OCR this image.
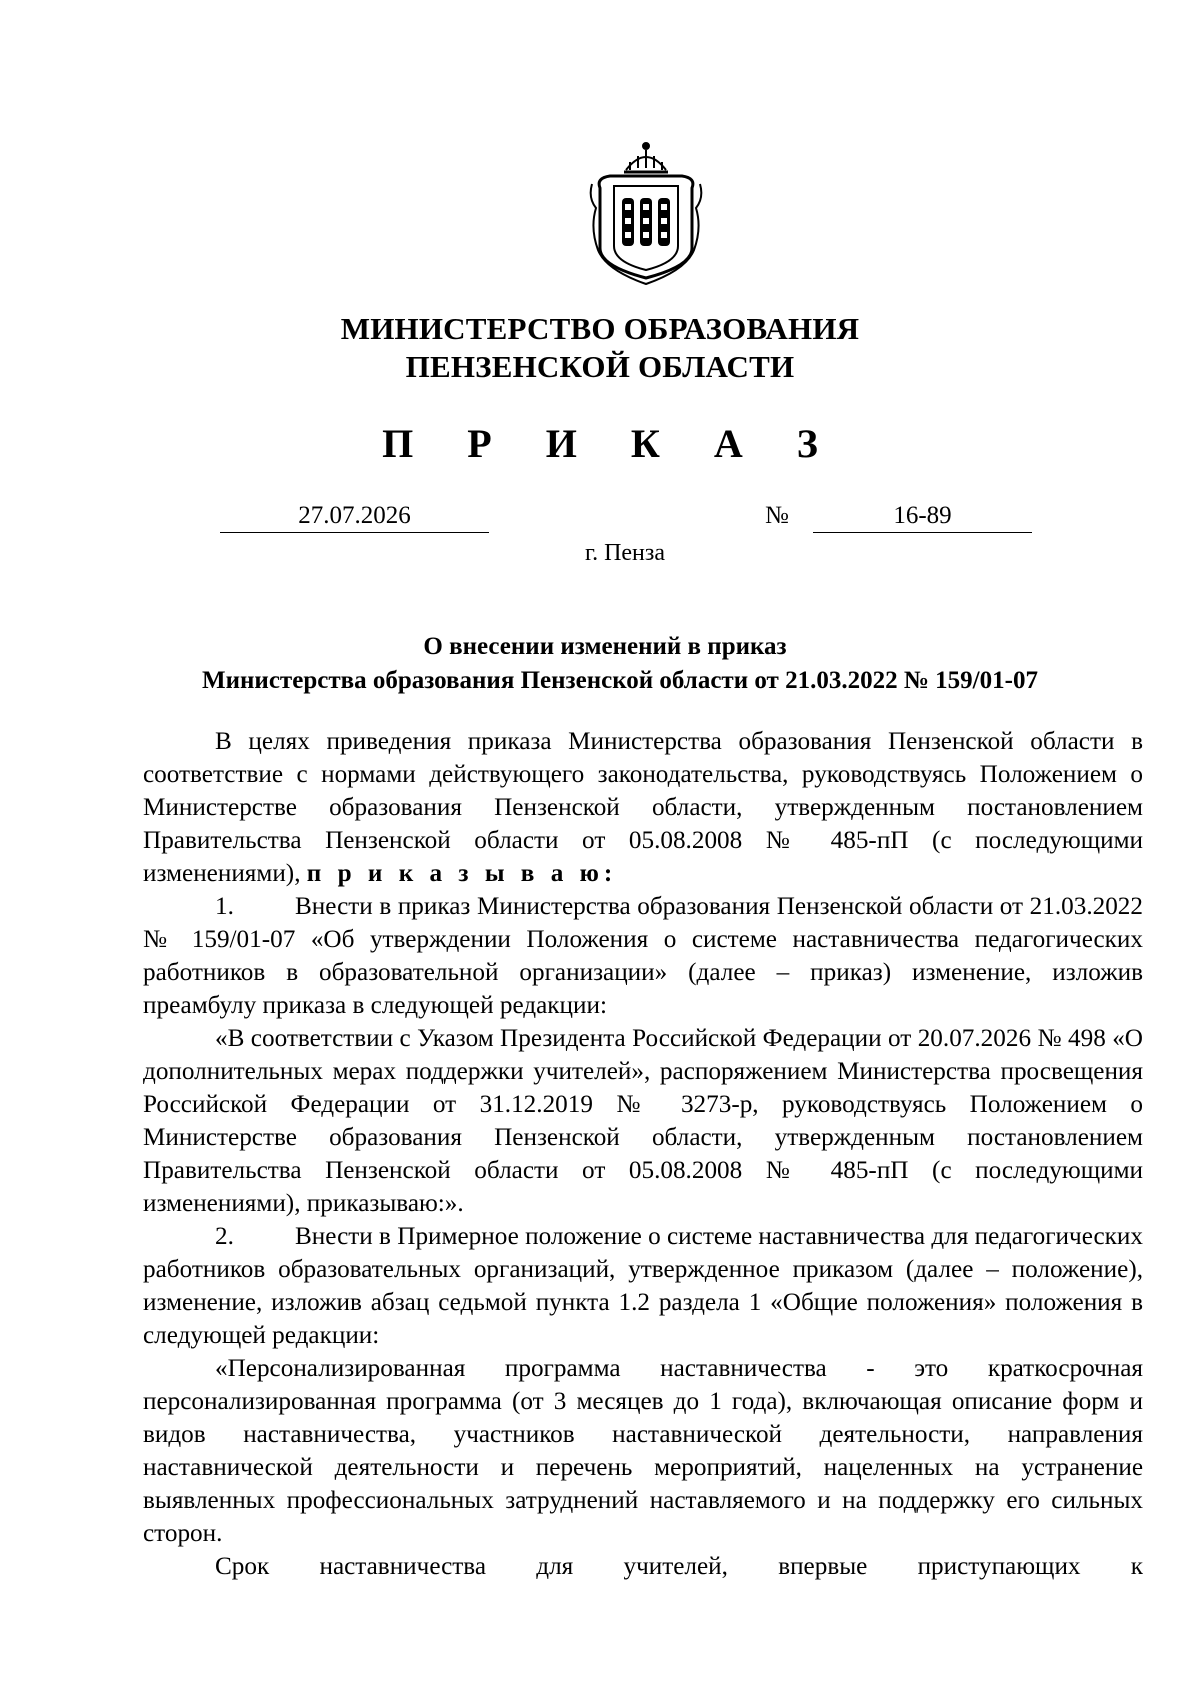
МИНИСТЕРСТВО ОБРАЗОВАНИЯ
ПЕНЗЕНСКОЙ ОБЛАСТИ
П Р И К А З
27.07.2026	№	16-89
г. Пенза
О внесении изменений в приказ
Министерства образования Пензенской области от 21.03.2022 № 159/01-07

В целях приведения приказа Министерства образования Пензенской области в соответствие с нормами действующего законодательства, руководствуясь Положением о Министерстве образования Пензенской области, утвержденным постановлением Правительства Пензенской области от 05.08.2008 № 485-пП (с последующими изменениями), п р и к а з ы в а ю:

1. Внести в приказ Министерства образования Пензенской области от 21.03.2022 № 159/01-07 «Об утверждении Положения о системе наставничества педагогических работников в образовательной организации» (далее – приказ) изменение, изложив преамбулу приказа в следующей редакции:

«В соответствии с Указом Президента Российской Федерации от 20.07.2026 № 498 «О дополнительных мерах поддержки учителей», распоряжением Министерства просвещения Российской Федерации от 31.12.2019 № 3273-р, руководствуясь Положением о Министерстве образования Пензенской области, утвержденным постановлением Правительства Пензенской области от 05.08.2008 № 485-пП (с последующими изменениями), приказываю:».

2. Внести в Примерное положение о системе наставничества для педагогических работников образовательных организаций, утвержденное приказом (далее – положение), изменение, изложив абзац седьмой пункта 1.2 раздела 1 «Общие положения» положения в следующей редакции:

«Персонализированная программа наставничества - это краткосрочная персонализированная программа (от 3 месяцев до 1 года), включающая описание форм и видов наставничества, участников наставнической деятельности, направления наставнической деятельности и перечень мероприятий, нацеленных на устранение выявленных профессиональных затруднений наставляемого и на поддержку его сильных сторон.

Срок наставничества для учителей, впервые приступающих к
